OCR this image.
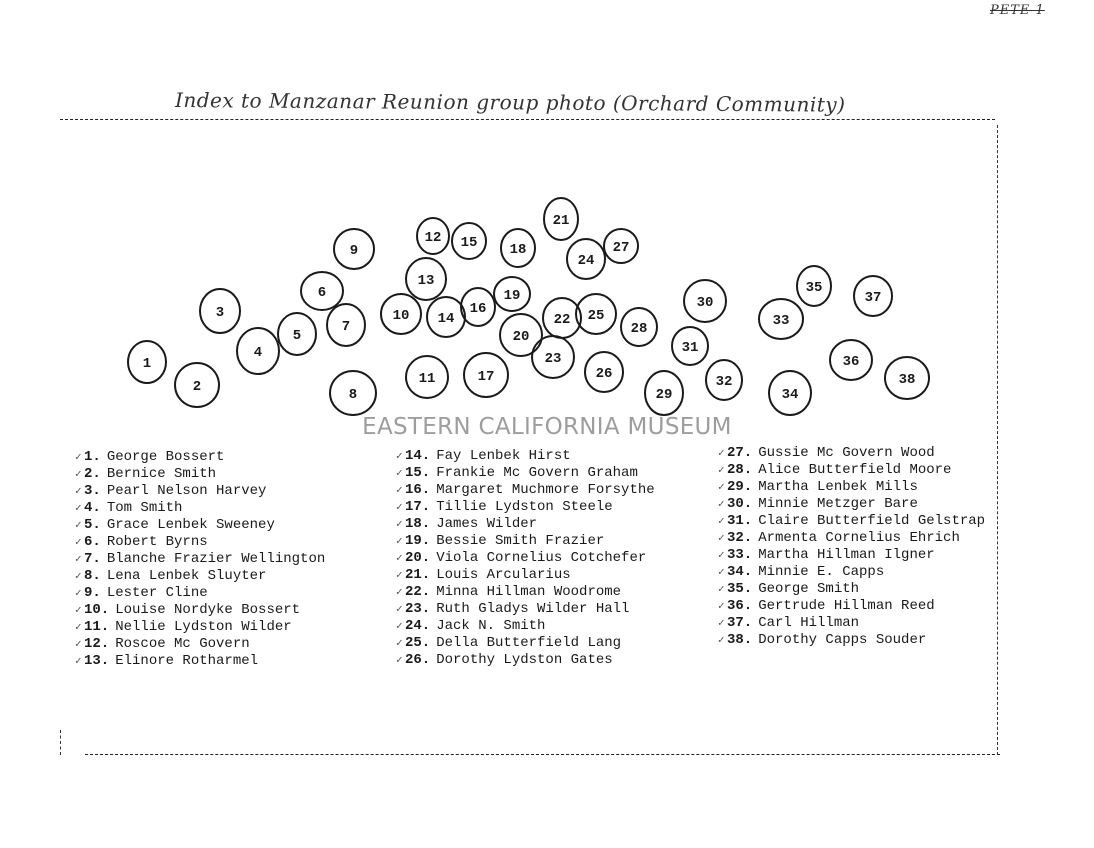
PETE 1
Index to Manzanar Reunion group photo (Orchard Community)
1
2
3
4
5
6
7
8
9
10
11
12
13
14
15
16
17
18
19
20
21
22
23
24
25
26
27
28
29
30
31
32
33
34
35
36
37
38
EASTERN CALIFORNIA MUSEUM
✓ 1. George Bossert
✓ 2. Bernice Smith
✓ 3. Pearl Nelson Harvey
✓ 4. Tom Smith
✓ 5. Grace Lenbek Sweeney
✓ 6. Robert Byrns
✓ 7. Blanche Frazier Wellington
✓ 8. Lena Lenbek Sluyter
✓ 9. Lester Cline
✓ 10. Louise Nordyke Bossert
✓ 11. Nellie Lydston Wilder
✓ 12. Roscoe Mc Govern
✓ 13. Elinore Rotharmel
✓ 14. Fay Lenbek Hirst
✓ 15. Frankie Mc Govern Graham
✓ 16. Margaret Muchmore Forsythe
✓ 17. Tillie Lydston Steele
✓ 18. James Wilder
✓ 19. Bessie Smith Frazier
✓ 20. Viola Cornelius Cotchefer
✓ 21. Louis Arcularius
✓ 22. Minna Hillman Woodrome
✓ 23. Ruth Gladys Wilder Hall
✓ 24. Jack N. Smith
✓ 25. Della Butterfield Lang
✓ 26. Dorothy Lydston Gates
✓ 27. Gussie Mc Govern Wood
✓ 28. Alice Butterfield Moore
✓ 29. Martha Lenbek Mills
✓ 30. Minnie Metzger Bare
✓ 31. Claire Butterfield Gelstrap
✓ 32. Armenta Cornelius Ehrich
✓ 33. Martha Hillman Ilgner
✓ 34. Minnie E. Capps
✓ 35. George Smith
✓ 36. Gertrude Hillman Reed
✓ 37. Carl Hillman
✓ 38. Dorothy Capps Souder
